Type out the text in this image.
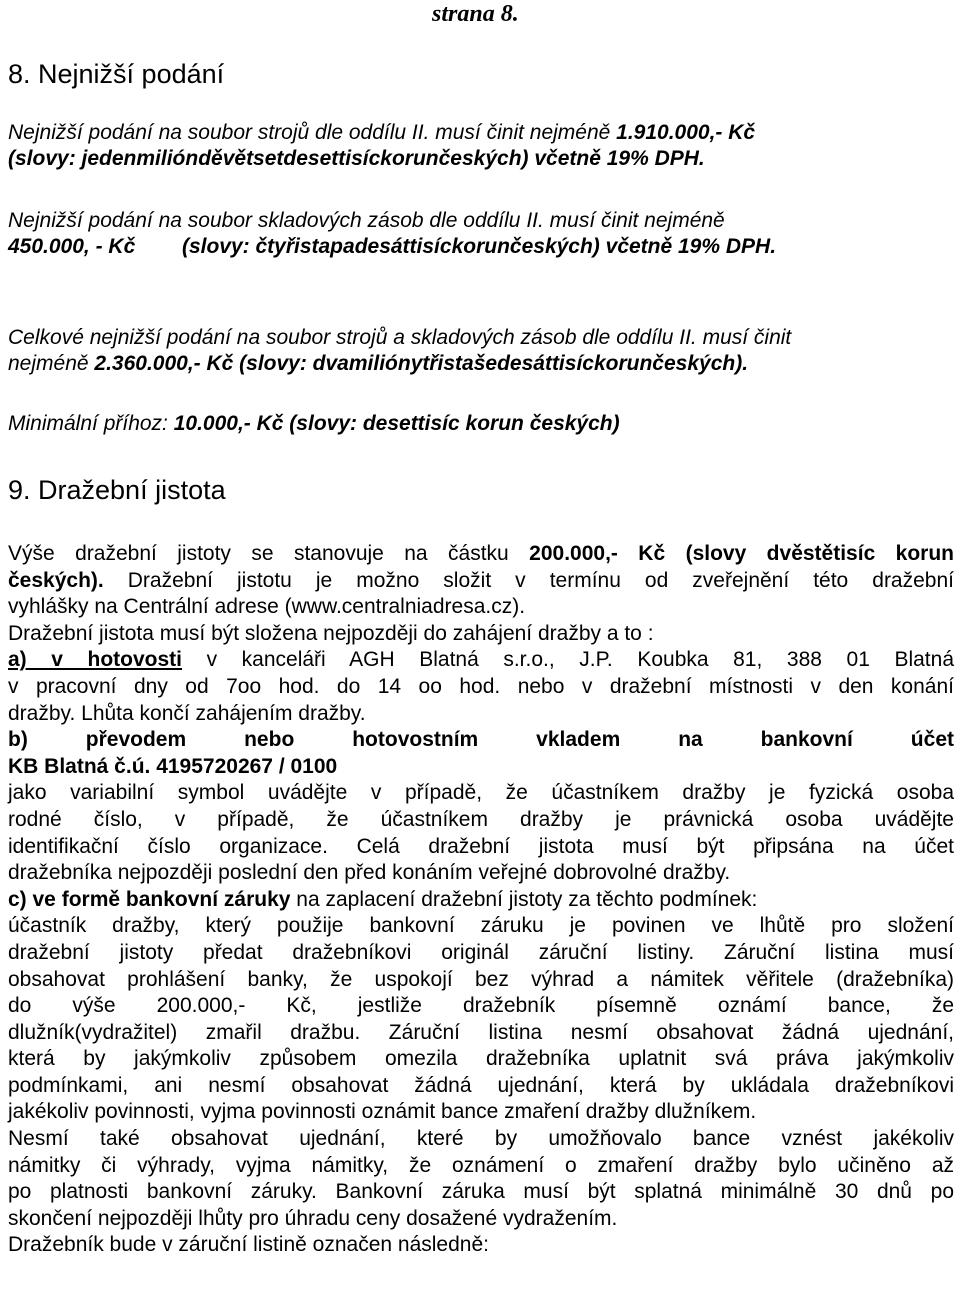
strana 8.
8. Nejnižší podání
Nejnižší podání na soubor strojů dle oddílu II. musí činit nejméně 1.910.000,- Kč
(slovy: jedenmiliónděvětsetdesettisíckorunčeských) včetně 19% DPH.
Nejnižší podání na soubor skladových zásob dle oddílu II. musí činit nejméně
450.000, - Kč (slovy: čtyřistapadesáttisíckorunčeských) včetně 19% DPH.
Celkové nejnižší podání na soubor strojů a skladových zásob dle oddílu II. musí činit
nejméně 2.360.000,- Kč (slovy: dvamiliónytřistašedesáttisíckorunčeských).
Minimální příhoz: 10.000,- Kč (slovy: desettisíc korun českých)
9. Dražební jistota
Výše dražební jistoty se stanovuje na částku 200.000,- Kč (slovy dvěstětisíc korun
českých). Dražební jistotu je možno složit v termínu od zveřejnění této dražební
vyhlášky na Centrální adrese (www.centralniadresa.cz).
Dražební jistota musí být složena nejpozději do zahájení dražby a to :
a) v hotovosti v kanceláři AGH Blatná s.r.o., J.P. Koubka 81, 388 01 Blatná
v pracovní dny od 7oo hod. do 14 oo hod. nebo v dražební místnosti v den konání
dražby. Lhůta končí zahájením dražby.
b) převodem nebo hotovostním vkladem na bankovní účet
KB Blatná č.ú. 4195720267 / 0100
jako variabilní symbol uvádějte v případě, že účastníkem dražby je fyzická osoba
rodné číslo, v případě, že účastníkem dražby je právnická osoba uvádějte
identifikační číslo organizace. Celá dražební jistota musí být připsána na účet
dražebníka nejpozději poslední den před konáním veřejné dobrovolné dražby.
c) ve formě bankovní záruky na zaplacení dražební jistoty za těchto podmínek:
účastník dražby, který použije bankovní záruku je povinen ve lhůtě pro složení
dražební jistoty předat dražebníkovi originál záruční listiny. Záruční listina musí
obsahovat prohlášení banky, že uspokojí bez výhrad a námitek věřitele (dražebníka)
do výše 200.000,- Kč, jestliže dražebník písemně oznámí bance, že
dlužník(vydražitel) zmařil dražbu. Záruční listina nesmí obsahovat žádná ujednání,
která by jakýmkoliv způsobem omezila dražebníka uplatnit svá práva jakýmkoliv
podmínkami, ani nesmí obsahovat žádná ujednání, která by ukládala dražebníkovi
jakékoliv povinnosti, vyjma povinnosti oznámit bance zmaření dražby dlužníkem.
Nesmí také obsahovat ujednání, které by umožňovalo bance vznést jakékoliv
námitky či výhrady, vyjma námitky, že oznámení o zmaření dražby bylo učiněno až
po platnosti bankovní záruky. Bankovní záruka musí být splatná minimálně 30 dnů po
skončení nejpozději lhůty pro úhradu ceny dosažené vydražením.
Dražebník bude v záruční listině označen následně:
